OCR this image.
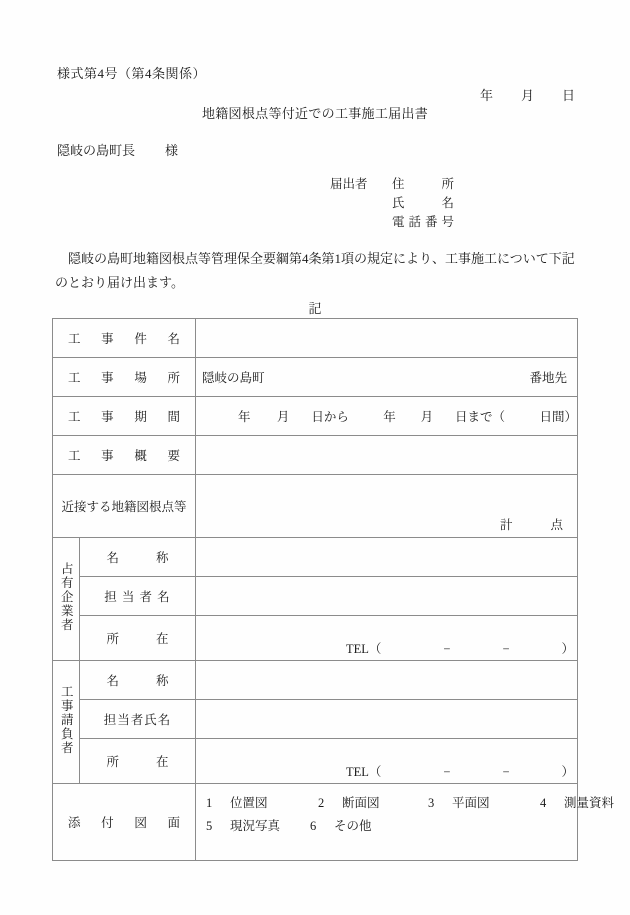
様式第4号（第4条関係）
年 月 日
地籍図根点等付近での工事施工届出書
隠岐の島町長 様
届出者	住　所
氏　名
電話番号
隠岐の島町地籍図根点等管理保全要綱第4条第1項の規定により、工事施工について下記のとおり届け出ます。
記
工事件名		
工事場所		隠岐の島町 番地先

工事期間	年	月	日から	年	月	日まで（	日間）

工事概要		
近接する地籍図根点等		計 点

占有企業者	名　称	
	担 当 者 名	
	所　在	TEL（ − − ）

工事請負者	名　称	
	担当者氏名	
	所　在	TEL（ − − ）

添付図面		1 位置図 2 断面図 3 平面図 4 測量資料
5 現況写真 6 その他
